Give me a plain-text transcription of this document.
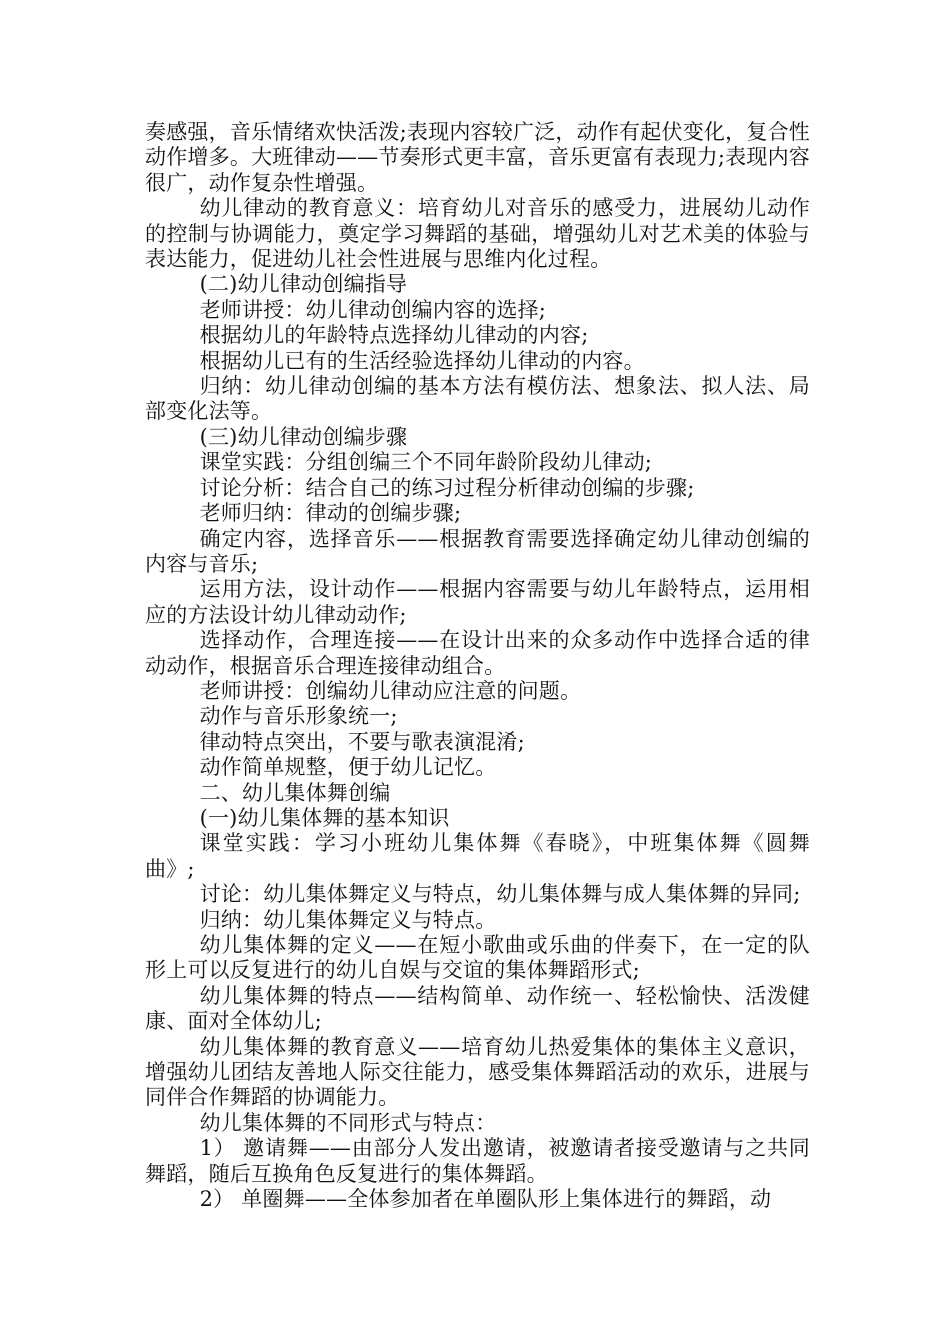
奏感强，音乐情绪欢快活泼;表现内容较广泛，动作有起伏变化，复合性动作增多。大班律动——节奏形式更丰富，音乐更富有表现力;表现内容很广，动作复杂性增强。

幼儿律动的教育意义：培育幼儿对音乐的感受力，进展幼儿动作的控制与协调能力，奠定学习舞蹈的基础，增强幼儿对艺术美的体验与表达能力，促进幼儿社会性进展与思维内化过程。

(二)幼儿律动创编指导

老师讲授：幼儿律动创编内容的选择;

根据幼儿的年龄特点选择幼儿律动的内容;

根据幼儿已有的生活经验选择幼儿律动的内容。

归纳：幼儿律动创编的基本方法有模仿法、想象法、拟人法、局部变化法等。

(三)幼儿律动创编步骤

课堂实践：分组创编三个不同年龄阶段幼儿律动;

讨论分析：结合自己的练习过程分析律动创编的步骤;

老师归纳：律动的创编步骤;

确定内容，选择音乐——根据教育需要选择确定幼儿律动创编的内容与音乐;

运用方法，设计动作——根据内容需要与幼儿年龄特点，运用相应的方法设计幼儿律动动作;

选择动作，合理连接——在设计出来的众多动作中选择合适的律动动作，根据音乐合理连接律动组合。

老师讲授：创编幼儿律动应注意的问题。

动作与音乐形象统一;

律动特点突出，不要与歌表演混淆;

动作简单规整，便于幼儿记忆。

二、幼儿集体舞创编

(一)幼儿集体舞的基本知识

课堂实践：学习小班幼儿集体舞《春晓》，中班集体舞《圆舞曲》;

讨论：幼儿集体舞定义与特点，幼儿集体舞与成人集体舞的异同;

归纳：幼儿集体舞定义与特点。

幼儿集体舞的定义——在短小歌曲或乐曲的伴奏下，在一定的队形上可以反复进行的幼儿自娱与交谊的集体舞蹈形式;

幼儿集体舞的特点——结构简单、动作统一、轻松愉快、活泼健康、面对全体幼儿;

幼儿集体舞的教育意义——培育幼儿热爱集体的集体主义意识，增强幼儿团结友善地人际交往能力，感受集体舞蹈活动的欢乐，进展与同伴合作舞蹈的协调能力。

幼儿集体舞的不同形式与特点：

1） 邀请舞——由部分人发出邀请，被邀请者接受邀请与之共同舞蹈，随后互换角色反复进行的集体舞蹈。

2） 单圈舞——全体参加者在单圈队形上集体进行的舞蹈，动
